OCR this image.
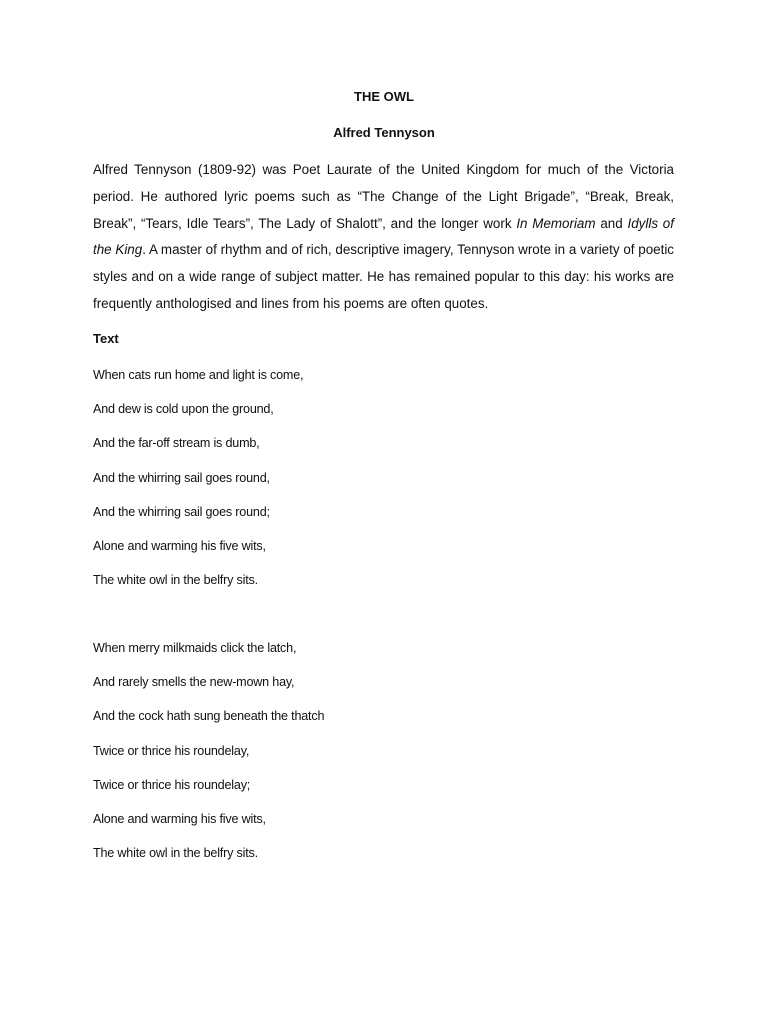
THE OWL
Alfred Tennyson

Alfred Tennyson (1809-92) was Poet Laurate of the United Kingdom for much of the Victoria period. He authored lyric poems such as “The Change of the Light Brigade”, “Break, Break, Break”, “Tears, Idle Tears”, The Lady of Shalott”, and the longer work In Memoriam and Idylls of the King. A master of rhythm and of rich, descriptive imagery, Tennyson wrote in a variety of poetic styles and on a wide range of subject matter. He has remained popular to this day: his works are frequently anthologised and lines from his poems are often quotes.

Text
When cats run home and light is come,
And dew is cold upon the ground,
And the far-off stream is dumb,
And the whirring sail goes round,
And the whirring sail goes round;
Alone and warming his five wits,
The white owl in the belfry sits.
When merry milkmaids click the latch,
And rarely smells the new-mown hay,
And the cock hath sung beneath the thatch
Twice or thrice his roundelay,
Twice or thrice his roundelay;
Alone and warming his five wits,
The white owl in the belfry sits.
